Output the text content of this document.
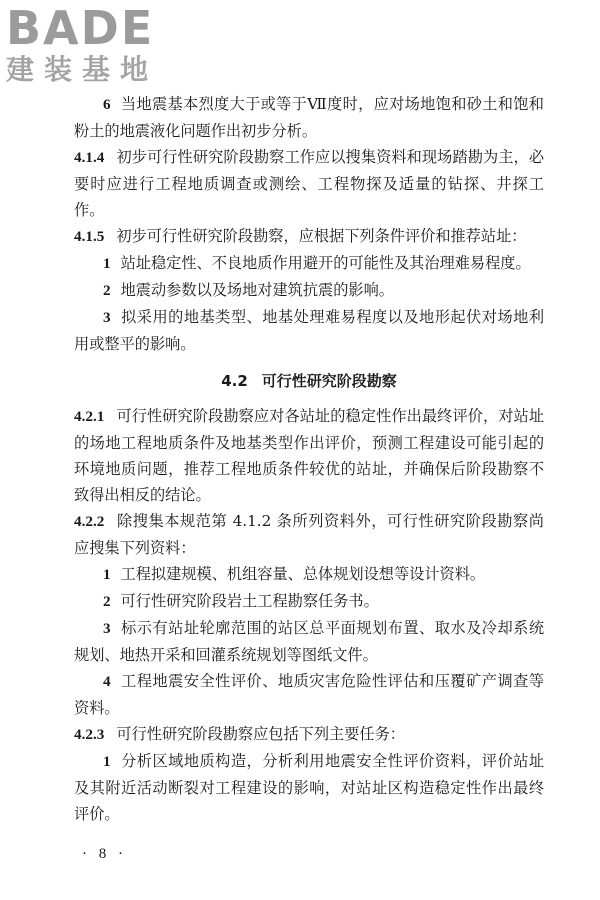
BADE
建装基地

6 当地震基本烈度大于或等于Ⅶ度时，应对场地饱和砂土和饱和粉土的地震液化问题作出初步分析。

4.1.4 初步可行性研究阶段勘察工作应以搜集资料和现场踏勘为主，必要时应进行工程地质调查或测绘、工程物探及适量的钻探、井探工作。

4.1.5 初步可行性研究阶段勘察，应根据下列条件评价和推荐站址：

1 站址稳定性、不良地质作用避开的可能性及其治理难易程度。

2 地震动参数以及场地对建筑抗震的影响。

3 拟采用的地基类型、地基处理难易程度以及地形起伏对场地利用或整平的影响。

4.2 可行性研究阶段勘察

4.2.1 可行性研究阶段勘察应对各站址的稳定性作出最终评价，对站址的场地工程地质条件及地基类型作出评价，预测工程建设可能引起的环境地质问题，推荐工程地质条件较优的站址，并确保后阶段勘察不致得出相反的结论。

4.2.2 除搜集本规范第 4.1.2 条所列资料外，可行性研究阶段勘察尚应搜集下列资料：

1 工程拟建规模、机组容量、总体规划设想等设计资料。

2 可行性研究阶段岩土工程勘察任务书。

3 标示有站址轮廓范围的站区总平面规划布置、取水及冷却系统规划、地热开采和回灌系统规划等图纸文件。

4 工程地震安全性评价、地质灾害危险性评估和压覆矿产调查等资料。

4.2.3 可行性研究阶段勘察应包括下列主要任务：

1 分析区域地质构造，分析利用地震安全性评价资料，评价站址及其附近活动断裂对工程建设的影响，对站址区构造稳定性作出最终评价。

· 8 ·
